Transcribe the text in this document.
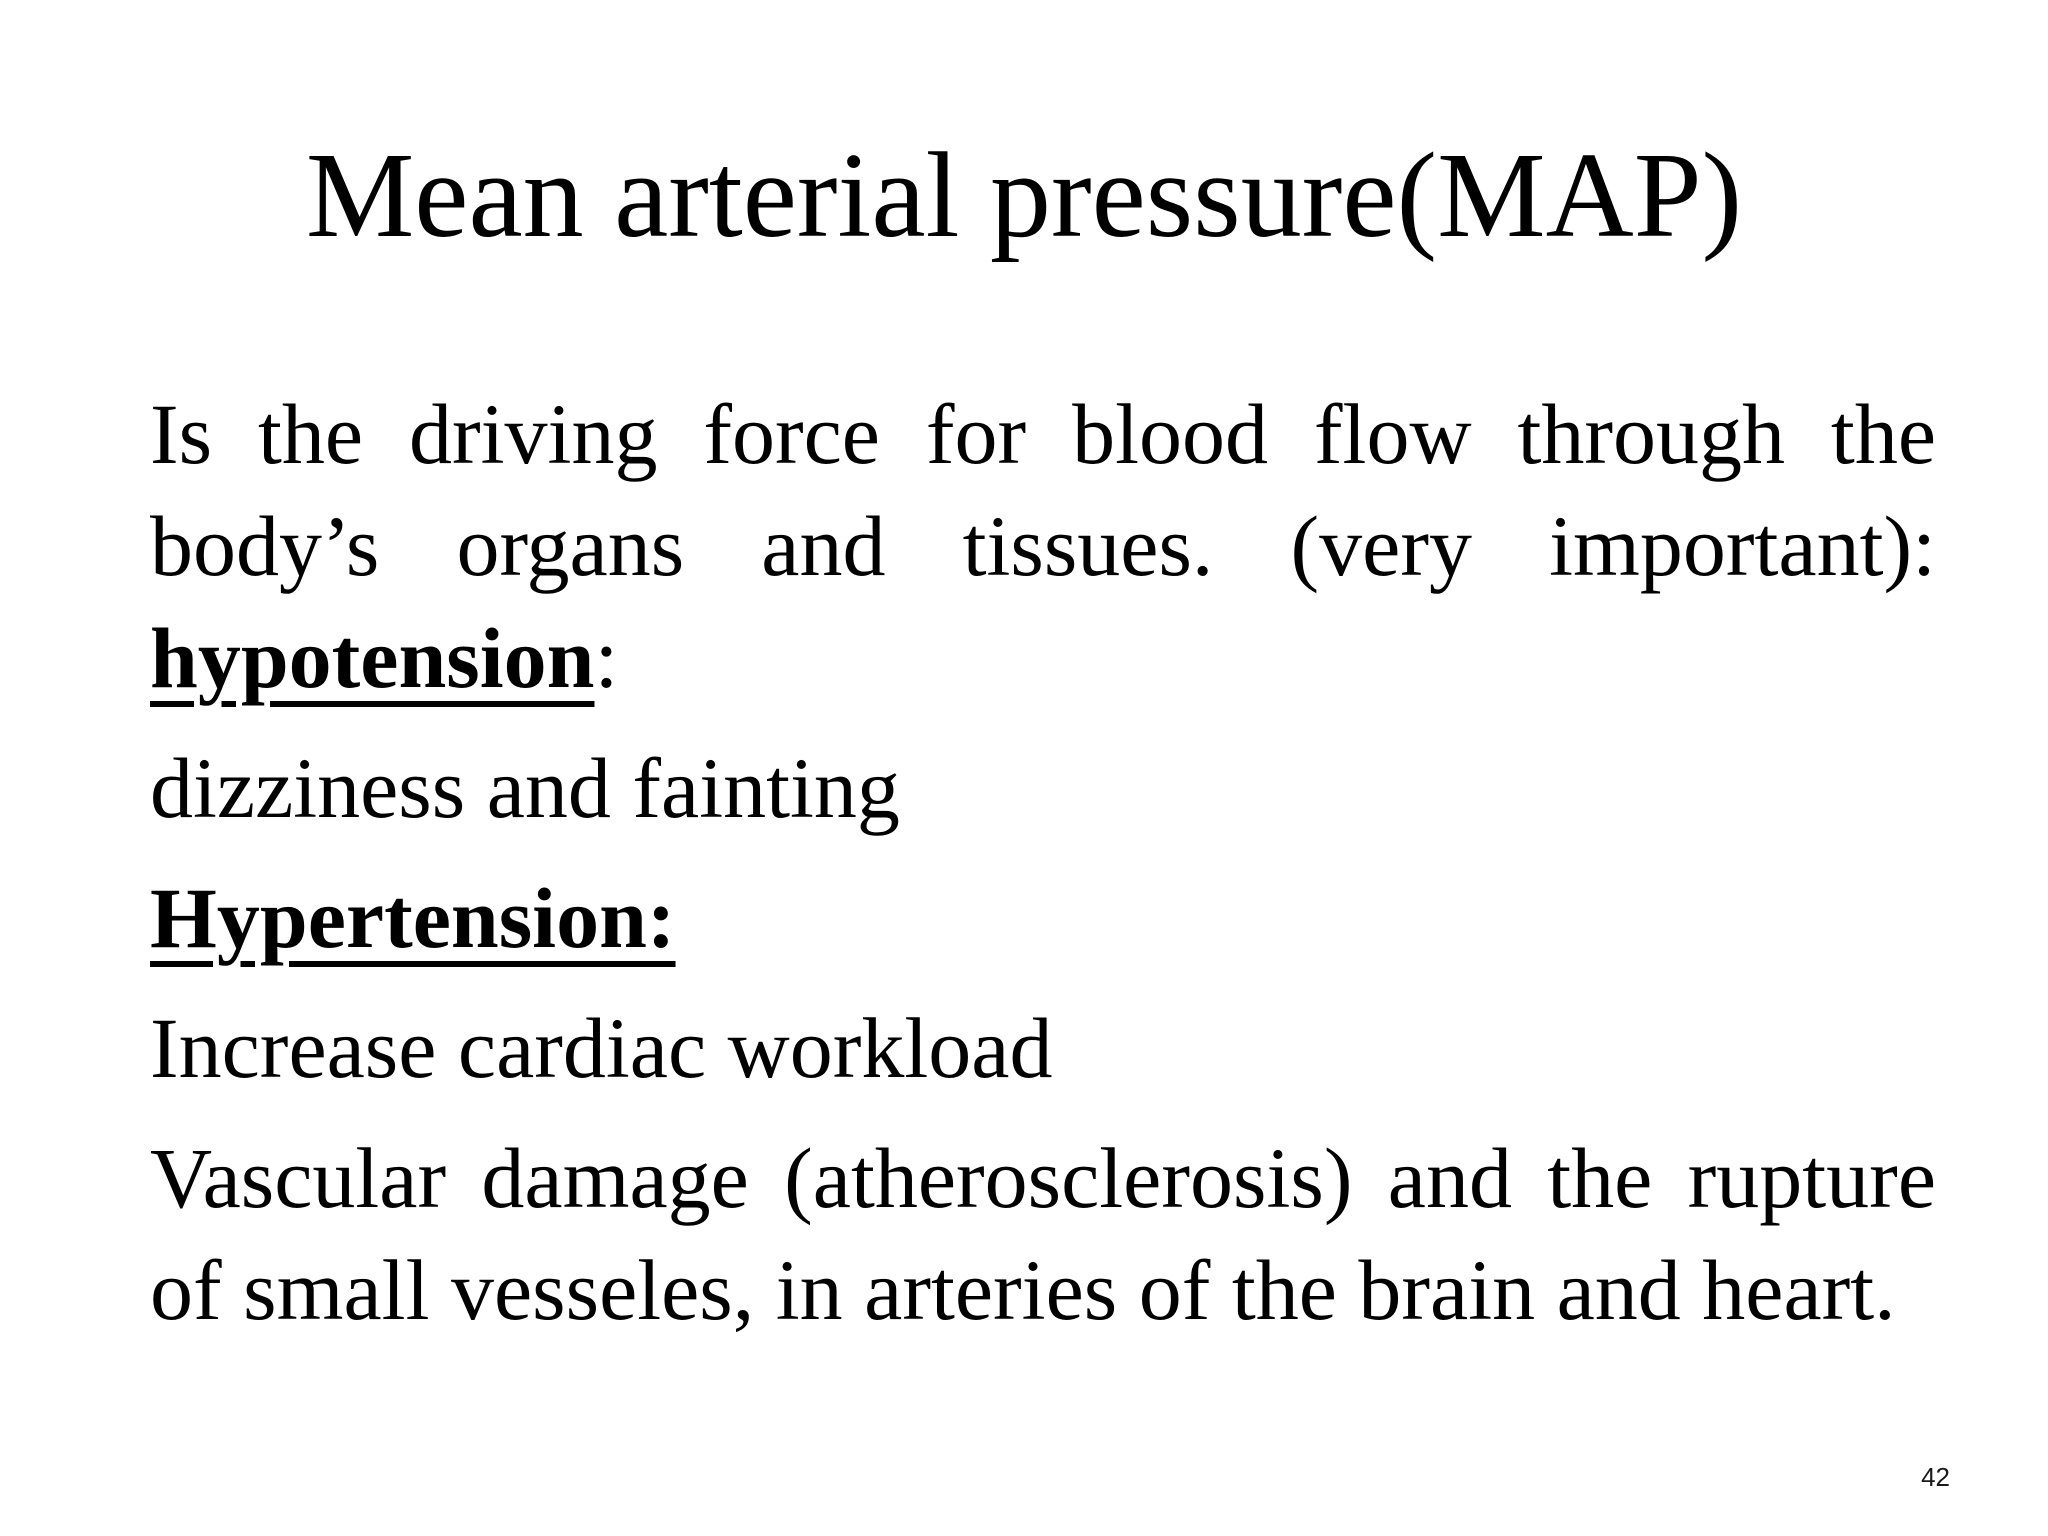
Mean arterial pressure(MAP)

Is the driving force for blood flow through the body’s organs and tissues. (very important): hypotension:

dizziness and fainting

Hypertension:

Increase cardiac workload

Vascular damage (atherosclerosis) and the rupture of small vesseles, in arteries of the brain and heart.

42
